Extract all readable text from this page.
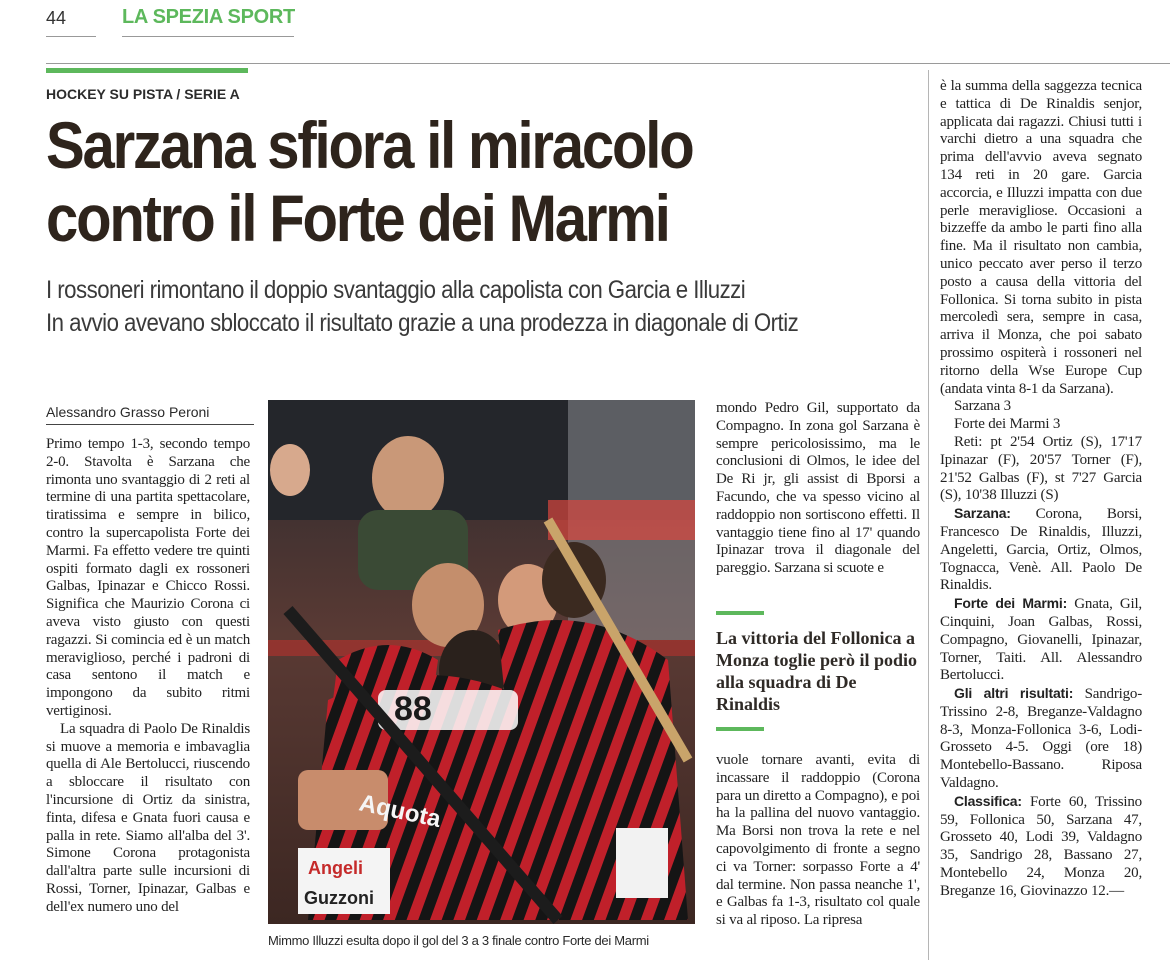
44	LA SPEZIA SPORT
HOCKEY SU PISTA / SERIE A
Sarzana sfiora il miracolo
contro il Forte dei Marmi
I rossoneri rimontano il doppio svantaggio alla capolista con Garcia e Illuzzi
In avvio avevano sbloccato il risultato grazie a una prodezza in diagonale di Ortiz
Alessandro Grasso Peroni

Primo tempo 1-3, secondo tempo 2-0. Stavolta è Sarzana che rimonta uno svantaggio di 2 reti al termine di una partita spettacolare, tiratissima e sempre in bilico, contro la supercapolista Forte dei Marmi. Fa effetto vedere tre quinti ospiti formato dagli ex rossoneri Galbas, Ipinazar e Chicco Rossi. Significa che Maurizio Corona ci aveva visto giusto con questi ragazzi. Si comincia ed è un match meraviglioso, perché i padroni di casa sentono il match e impongono da subito ritmi vertiginosi.

La squadra di Paolo De Rinaldis si muove a memoria e imbavaglia quella di Ale Bertolucci, riuscendo a sbloccare il risultato con l'incursione di Ortiz da sinistra, finta, difesa e Gnata fuori causa e palla in rete. Siamo all'alba del 3'. Simone Corona protagonista dall'altra parte sulle incursioni di Rossi, Torner, Ipinazar, Galbas e dell'ex numero uno del

88
Aquota
Angeli
Guzzoni
Mimmo Illuzzi esulta dopo il gol del 3 a 3 finale contro Forte dei Marmi

mondo Pedro Gil, supportato da Compagno. In zona gol Sarzana è sempre pericolosissimo, ma le conclusioni di Olmos, le idee del De Ri jr, gli assist di Bporsi a Facundo, che va spesso vicino al raddoppio non sortiscono effetti. Il vantaggio tiene fino al 17' quando Ipinazar trova il diagonale del pareggio. Sarzana si scuote e

La vittoria del Follonica a Monza toglie però il podio alla squadra di De Rinaldis

vuole tornare avanti, evita di incassare il raddoppio (Corona para un diretto a Compagno), e poi ha la pallina del nuovo vantaggio. Ma Borsi non trova la rete e nel capovolgimento di fronte a segno ci va Torner: sorpasso Forte a 4' dal termine. Non passa neanche 1', e Galbas fa 1-3, risultato col quale si va al riposo. La ripresa

è la summa della saggezza tecnica e tattica di De Rinaldis senjor, applicata dai ragazzi. Chiusi tutti i varchi dietro a una squadra che prima dell'avvio aveva segnato 134 reti in 20 gare. Garcia accorcia, e Illuzzi impatta con due perle meravigliose. Occasioni a bizzeffe da ambo le parti fino alla fine. Ma il risultato non cambia, unico peccato aver perso il terzo posto a causa della vittoria del Follonica. Si torna subito in pista mercoledì sera, sempre in casa, arriva il Monza, che poi sabato prossimo ospiterà i rossoneri nel ritorno della Wse Europe Cup (andata vinta 8-1 da Sarzana).

Sarzana 3

Forte dei Marmi 3

Reti: pt 2'54 Ortiz (S), 17'17 Ipinazar (F), 20'57 Torner (F), 21'52 Galbas (F), st 7'27 Garcia (S), 10'38 Illuzzi (S)

Sarzana: Corona, Borsi, Francesco De Rinaldis, Illuzzi, Angeletti, Garcia, Ortiz, Olmos, Tognacca, Venè. All. Paolo De Rinaldis.

Forte dei Marmi: Gnata, Gil, Cinquini, Joan Galbas, Rossi, Compagno, Giovanelli, Ipinazar, Torner, Taiti. All. Alessandro Bertolucci.

Gli altri risultati: Sandrigo-Trissino 2-8, Breganze-Valdagno 8-3, Monza-Follonica 3-6, Lodi-Grosseto 4-5. Oggi (ore 18) Montebello-Bassano. Riposa Valdagno.

Classifica: Forte 60, Trissino 59, Follonica 50, Sarzana 47, Grosseto 40, Lodi 39, Valdagno 35, Sandrigo 28, Bassano 27, Montebello 24, Monza 20, Breganze 16, Giovinazzo 12.—
